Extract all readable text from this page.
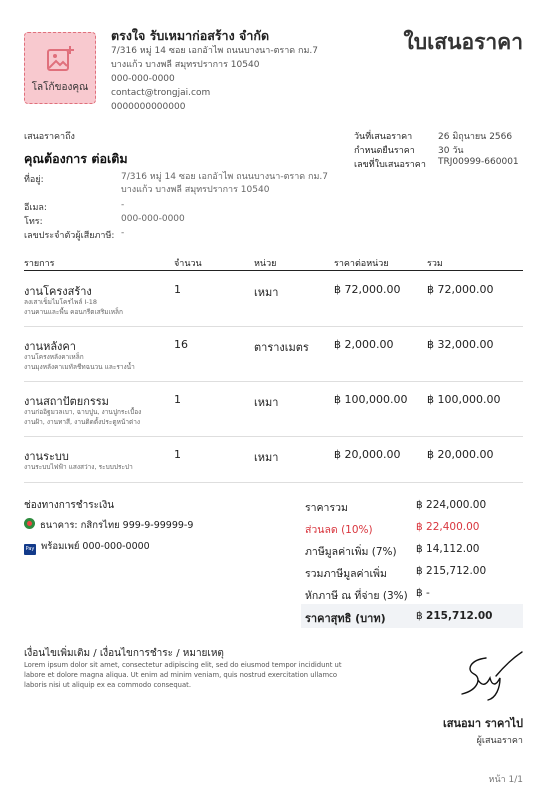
โลโก้ของคุณ
ตรงใจ รับเหมาก่อสร้าง จำกัด
7/316 หมู่ 14 ซอย เอกอัาไพ ถนนบางนา-ตราด กม.7
บางแก้ว บางพลี สมุทรปราการ 10540
000-000-0000
contact@trongjai.com
0000000000000
ใบเสนอราคา
เสนอราคาถึง
คุณต้องการ ต่อเติม
ที่อยู่:	7/316 หมู่ 14 ซอย เอกอัาไพ ถนนบางนา-ตราด กม.7
บางแก้ว บางพลี สมุทรปราการ 10540
อีเมล:	-
โทร:	000-000-0000
เลขประจำตัวผู้เสียภาษี: -
วันที่เสนอราคา	26 มิถุนายน 2566
กำหนดยืนราคา	30 วัน
เลขที่ใบเสนอราคา TRJ00999-660001
รายการ	จำนวน	หน่วย	ราคาต่อหน่วย	รวม
งานโครงสร้าง
ลงเสาเข็มไมโครไพล์ I-18
งานคานและพื้น คอนกรีตเสริมเหล็ก
1	เหมา	฿ 72,000.00 ฿ 72,000.00
งานหลังคา
งานโครงหลังคาเหล็ก
งานมุงหลังคาเมทัลชีทฉนวน และรางน้ำ
16	ตารางเมตร ฿ 2,000.00	฿ 32,000.00
งานสถาปัตยกรรม
งานก่ออิฐมวลเบา, ฉาบปูน, งานปูกระเบื้อง
งานฝ้า, งานทาสี, งานติดตั้งประตูหน้าต่าง
1	เหมา	฿ 100,000.00 ฿ 100,000.00
งานระบบ
งานระบบไฟฟ้า แสงสว่าง, ระบบประปา
1	เหมา	฿ 20,000.00 ฿ 20,000.00
ช่องทางการชำระเงิน
ธนาคาร: กสิกรไทย 999-9-99999-9
Pay พร้อมเพย์ 000-000-0000
ราคารวม	฿ 224,000.00
ส่วนลด (10%)	฿ 22,400.00
ภาษีมูลค่าเพิ่ม (7%) ฿ 14,112.00
รวมภาษีมูลค่าเพิ่ม	฿ 215,712.00
หักภาษี ณ ที่จ่าย (3%) ฿ -
ราคาสุทธิ (บาท)	฿ 215,712.00
เงื่อนไขเพิ่มเติม / เงื่อนไขการชำระ / หมายเหตุ
Lorem ipsum dolor sit amet, consectetur adipiscing elit, sed do eiusmod tempor incididunt ut
labore et dolore magna aliqua. Ut enim ad minim veniam, quis nostrud exercitation ullamco
laboris nisi ut aliquip ex ea commodo consequat.
เสนอมา ราคาไป
ผู้เสนอราคา
หน้า 1/1
